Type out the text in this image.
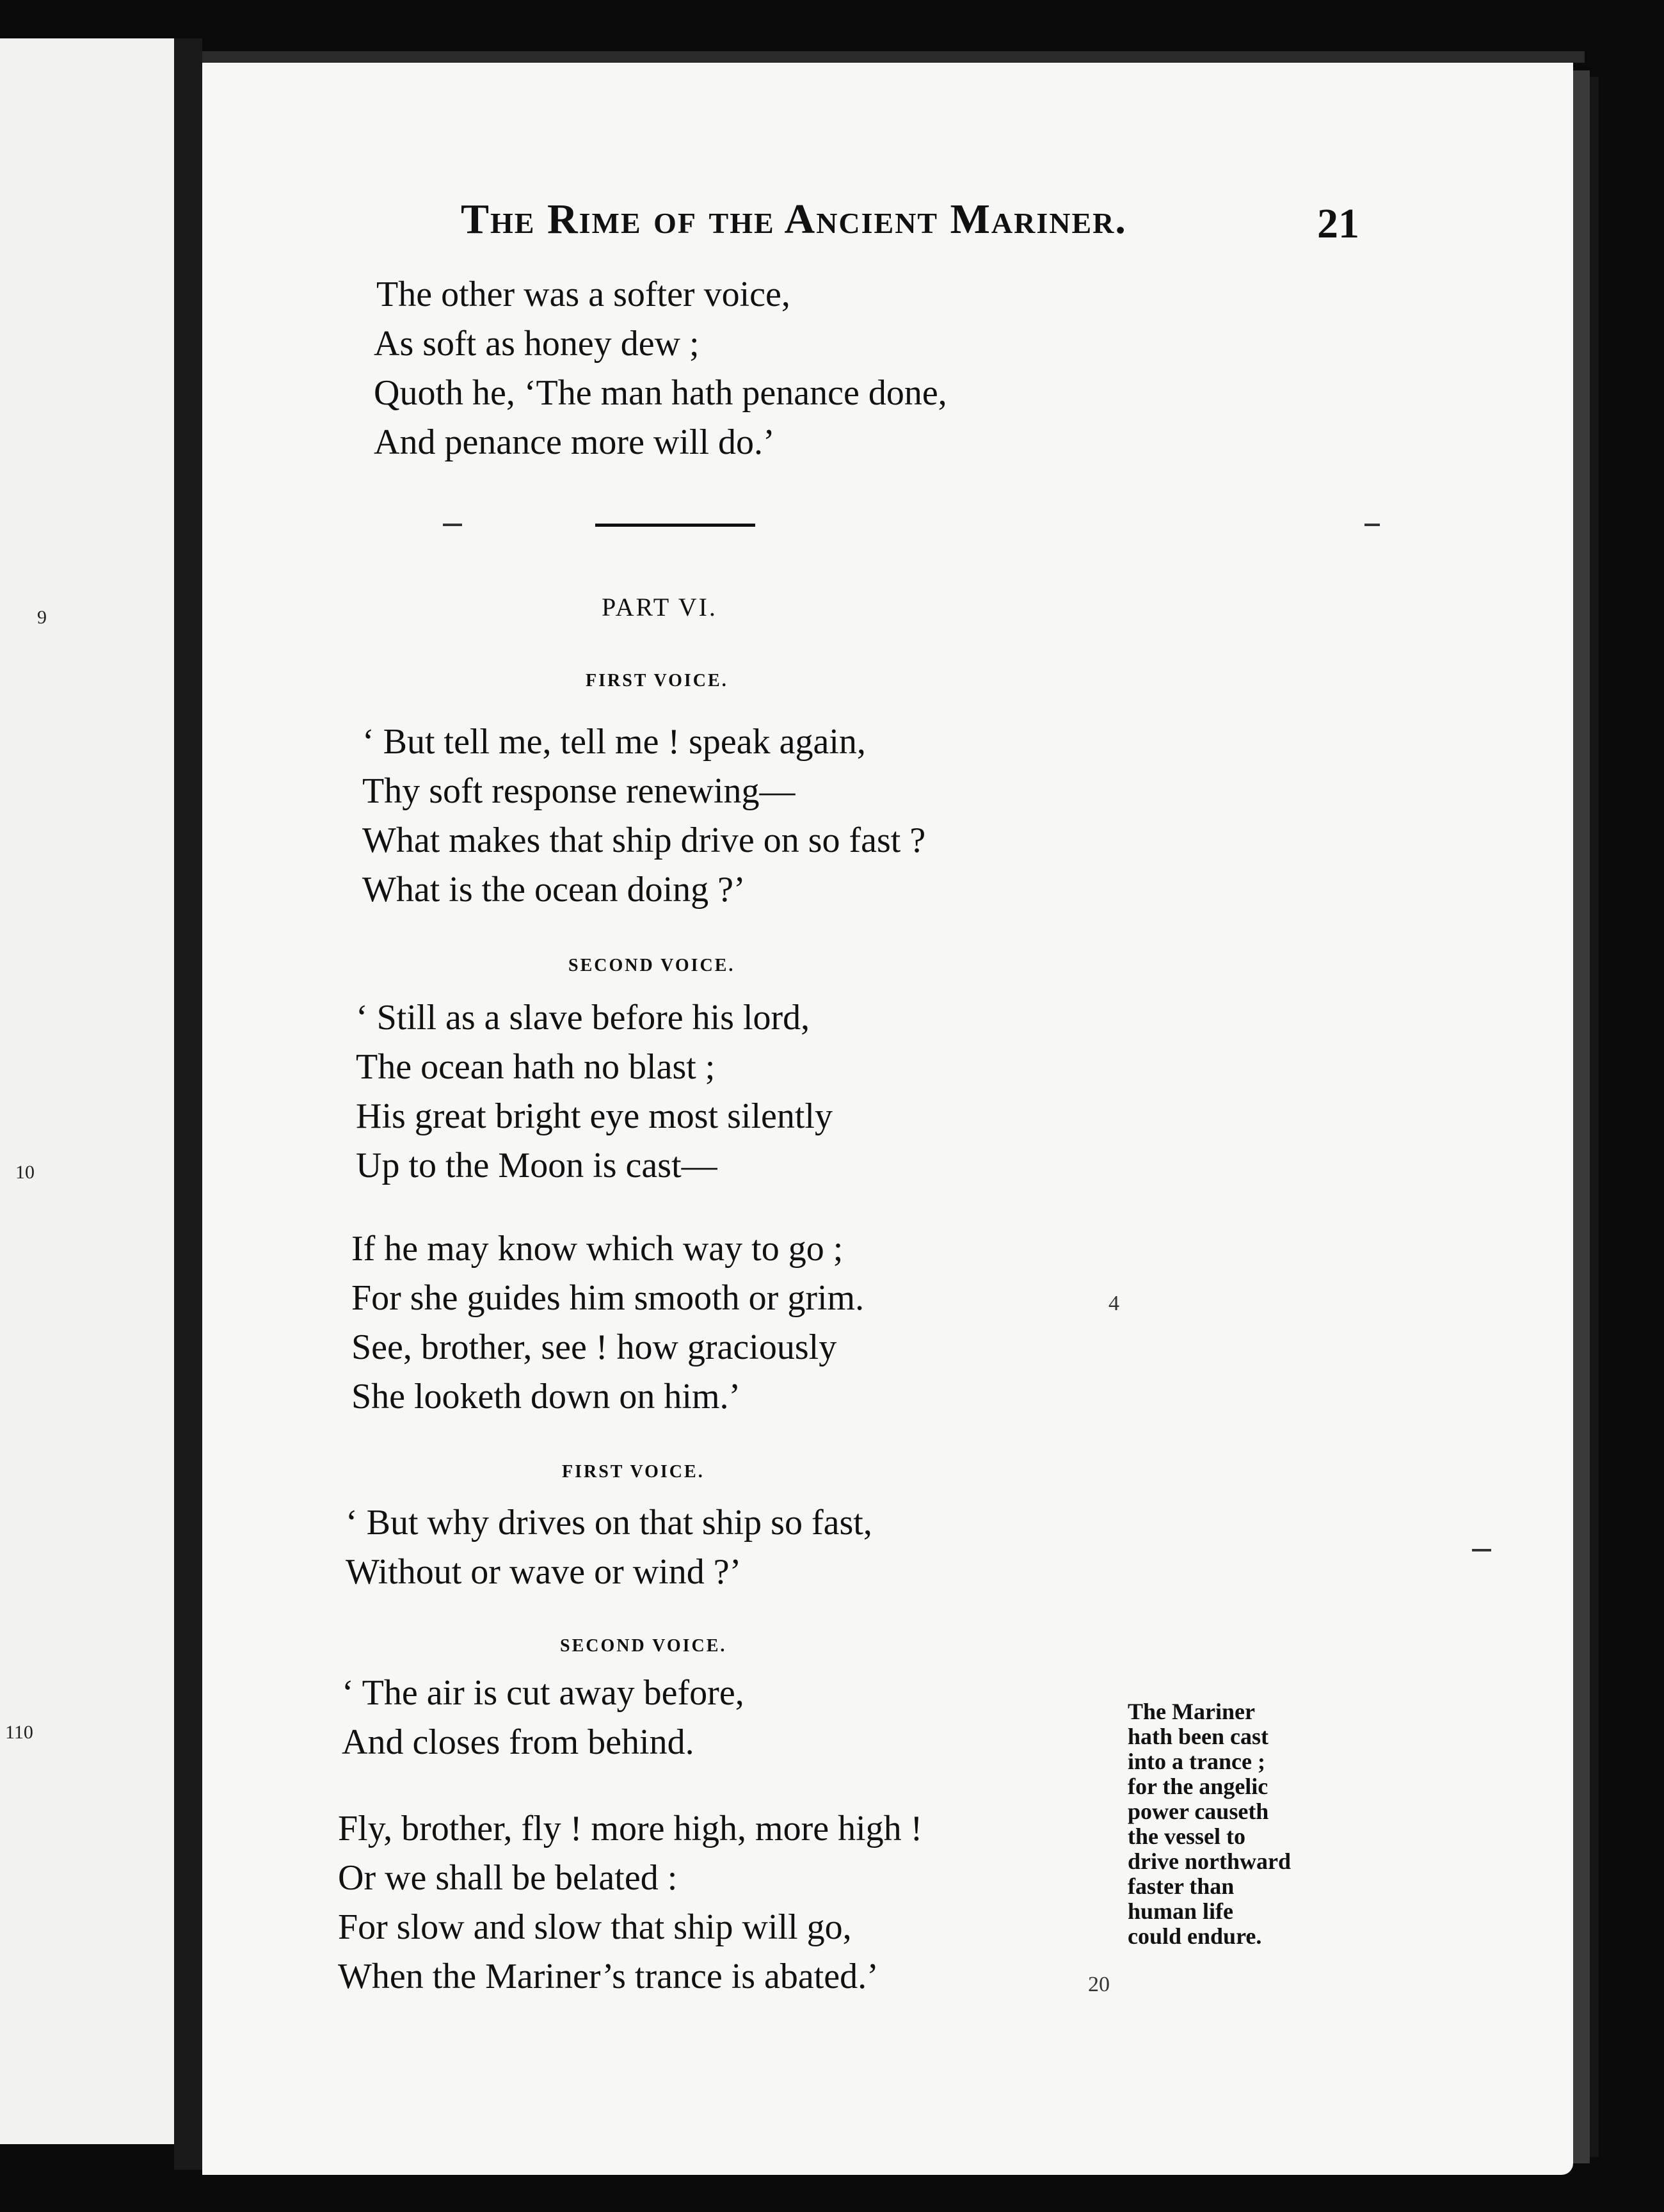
9
10
110
The Rime of the Ancient Mariner.	21
The other was a softer voice,
As soft as honey dew ;
Quoth he, ‘The man hath penance done,
And penance more will do.’
PART VI.
FIRST VOICE.
‘ But tell me, tell me ! speak again,
Thy soft response renewing—
What makes that ship drive on so fast ?
What is the ocean doing ?’
SECOND VOICE.
‘ Still as a slave before his lord,
The ocean hath no blast ;
His great bright eye most silently
Up to the Moon is cast—
If he may know which way to go ;
For she guides him smooth or grim.
See, brother, see ! how graciously
She looketh down on him.’
FIRST VOICE.
‘ But why drives on that ship so fast,
Without or wave or wind ?’
SECOND VOICE.
‘ The air is cut away before,
And closes from behind.
Fly, brother, fly ! more high, more high !
Or we shall be belated :
For slow and slow that ship will go,
When the Mariner’s trance is abated.’
The Mariner
hath been cast
into a trance ;
for the angelic
power causeth
the vessel to
drive northward
faster than
human life
could endure.
4
20
